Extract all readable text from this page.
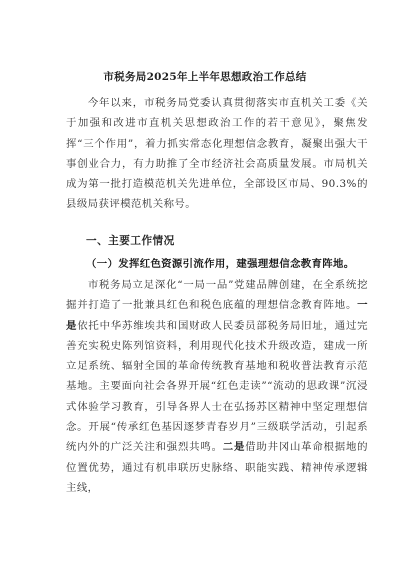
市税务局2025年上半年思想政治工作总结

今年以来，市税务局党委认真贯彻落实市直机关工委《关于加强和改进市直机关思想政治工作的若干意见》，聚焦发挥“三个作用”，着力抓实常态化理想信念教育，凝聚出强大干事创业合力，有力助推了全市经济社会高质量发展。市局机关成为第一批打造模范机关先进单位，全部设区市局、90.3%的县级局获评模范机关称号。

一、主要工作情况
（一）发挥红色资源引流作用，建强理想信念教育阵地。

市税务局立足深化“一局一品”党建品牌创建，在全系统挖掘并打造了一批兼具红色和税色底蕴的理想信念教育阵地。一是依托中华苏维埃共和国财政人民委员部税务局旧址，通过完善充实税史陈列馆资料，利用现代化技术升级改造，建成一所立足系统、辐射全国的革命传统教育基地和税收普法教育示范基地。主要面向社会各界开展“红色走读”“流动的思政课”沉浸式体验学习教育，引导各界人士在弘扬苏区精神中坚定理想信念。开展“传承红色基因逐梦青春岁月”三级联学活动，引起系统内外的广泛关注和强烈共鸣。二是借助井冈山革命根据地的位置优势，通过有机串联历史脉络、职能实践、精神传承逻辑主线，
